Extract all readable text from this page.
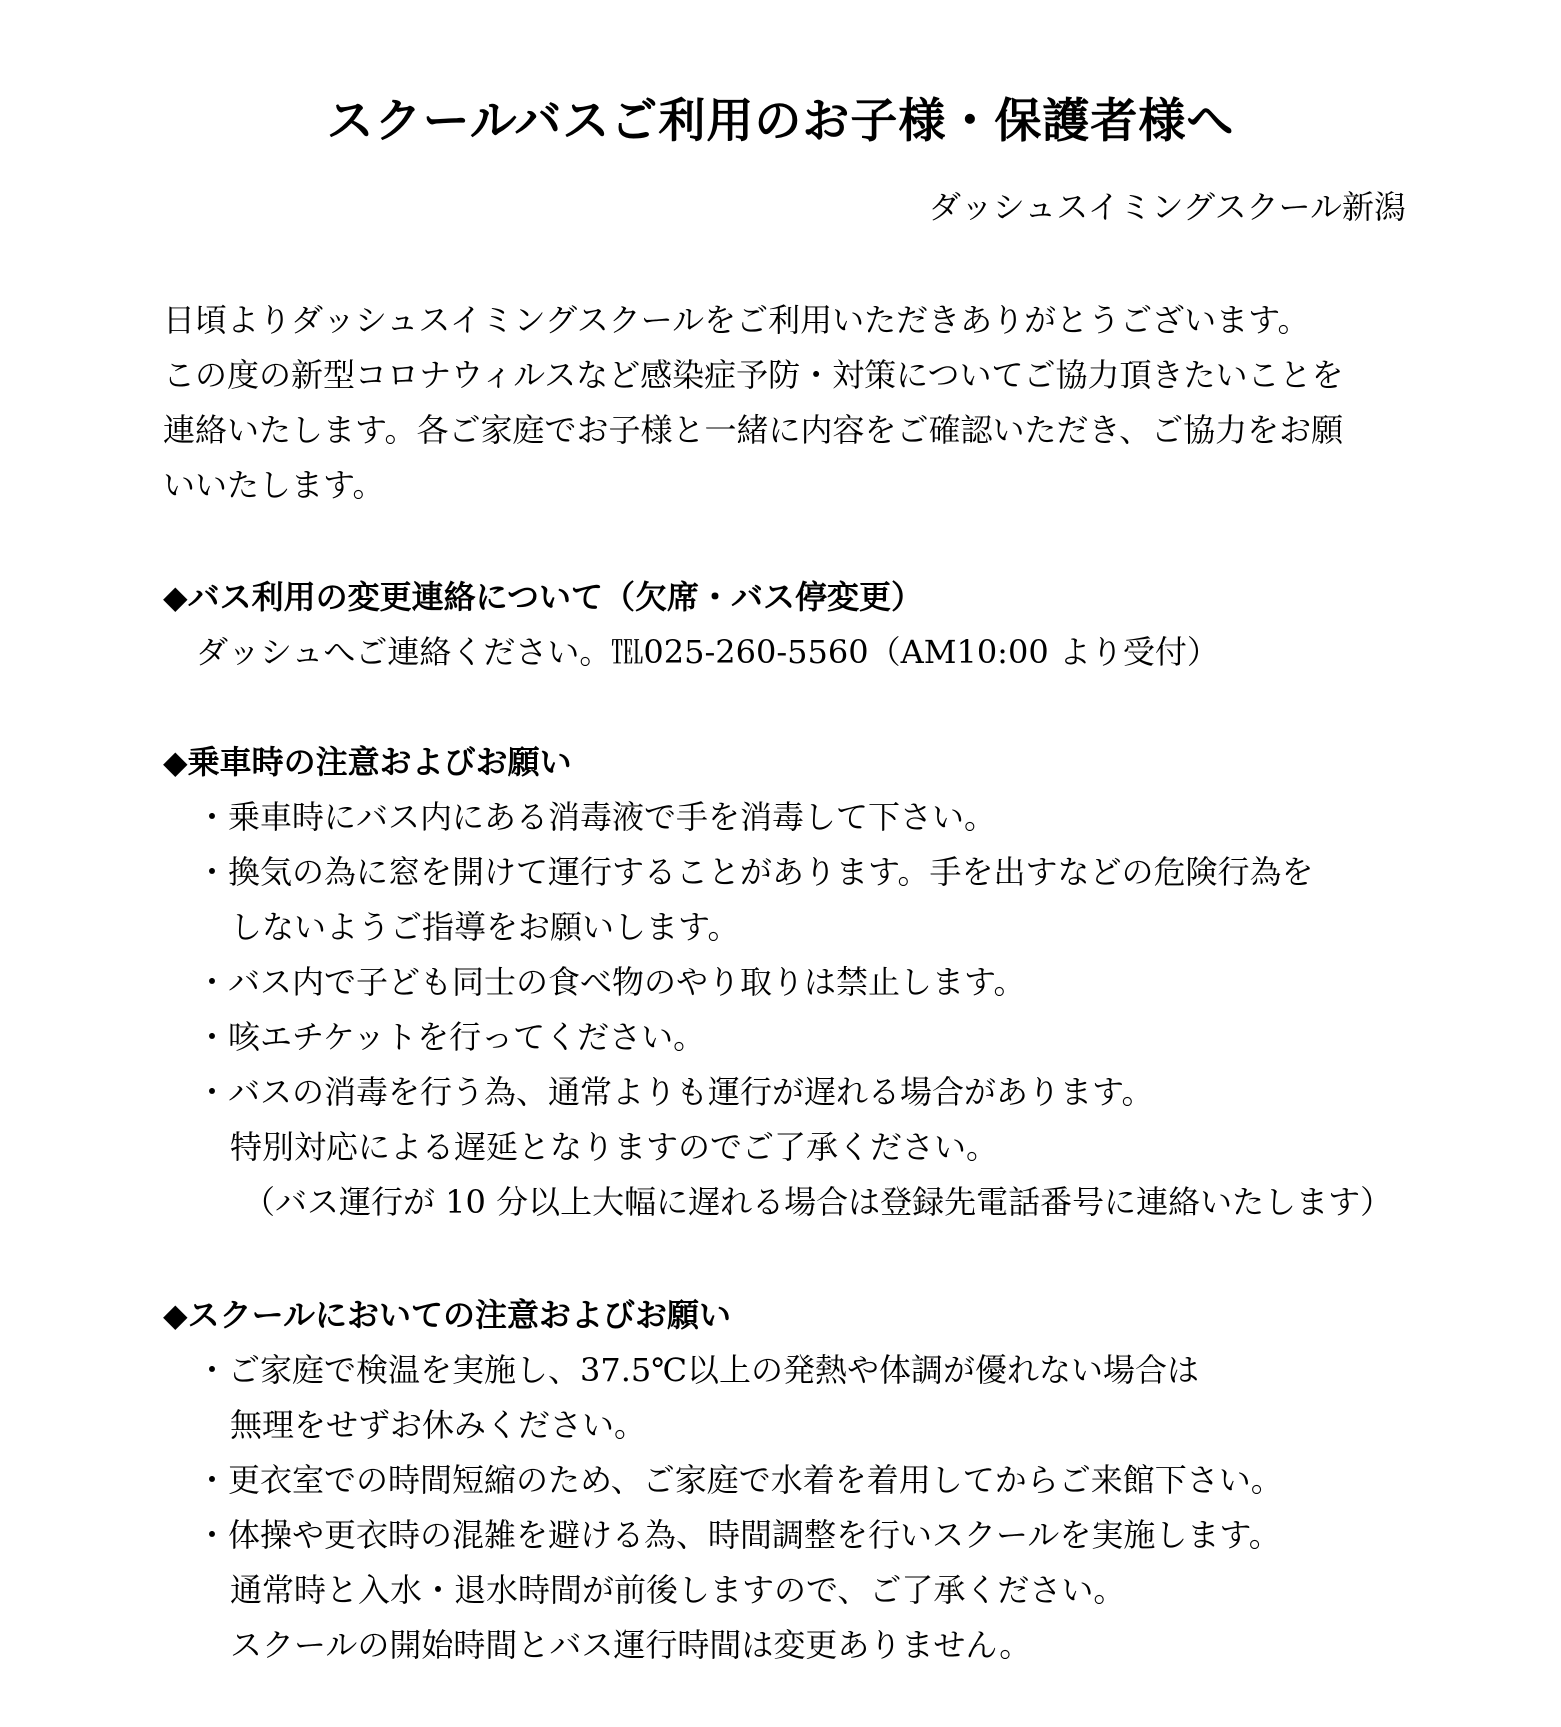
スクールバスご利用のお子様・保護者様へ
ダッシュスイミングスクール新潟
日頃よりダッシュスイミングスクールをご利用いただきありがとうございます。
この度の新型コロナウィルスなど感染症予防・対策についてご協力頂きたいことを
連絡いたします。各ご家庭でお子様と一緒に内容をご確認いただき、ご協力をお願
いいたします。
◆バス利用の変更連絡について（欠席・バス停変更）
ダッシュへご連絡ください。℡025-260-5560（AM10:00 より受付）
◆乗車時の注意およびお願い
・乗車時にバス内にある消毒液で手を消毒して下さい。
・換気の為に窓を開けて運行することがあります。手を出すなどの危険行為を
しないようご指導をお願いします。
・バス内で子ども同士の食べ物のやり取りは禁止します。
・咳エチケットを行ってください。
・バスの消毒を行う為、通常よりも運行が遅れる場合があります。
特別対応による遅延となりますのでご了承ください。
（バス運行が 10 分以上大幅に遅れる場合は登録先電話番号に連絡いたします）
◆スクールにおいての注意およびお願い
・ご家庭で検温を実施し、37.5℃以上の発熱や体調が優れない場合は
無理をせずお休みください。
・更衣室での時間短縮のため、ご家庭で水着を着用してからご来館下さい。
・体操や更衣時の混雑を避ける為、時間調整を行いスクールを実施します。
通常時と入水・退水時間が前後しますので、ご了承ください。
スクールの開始時間とバス運行時間は変更ありません。
